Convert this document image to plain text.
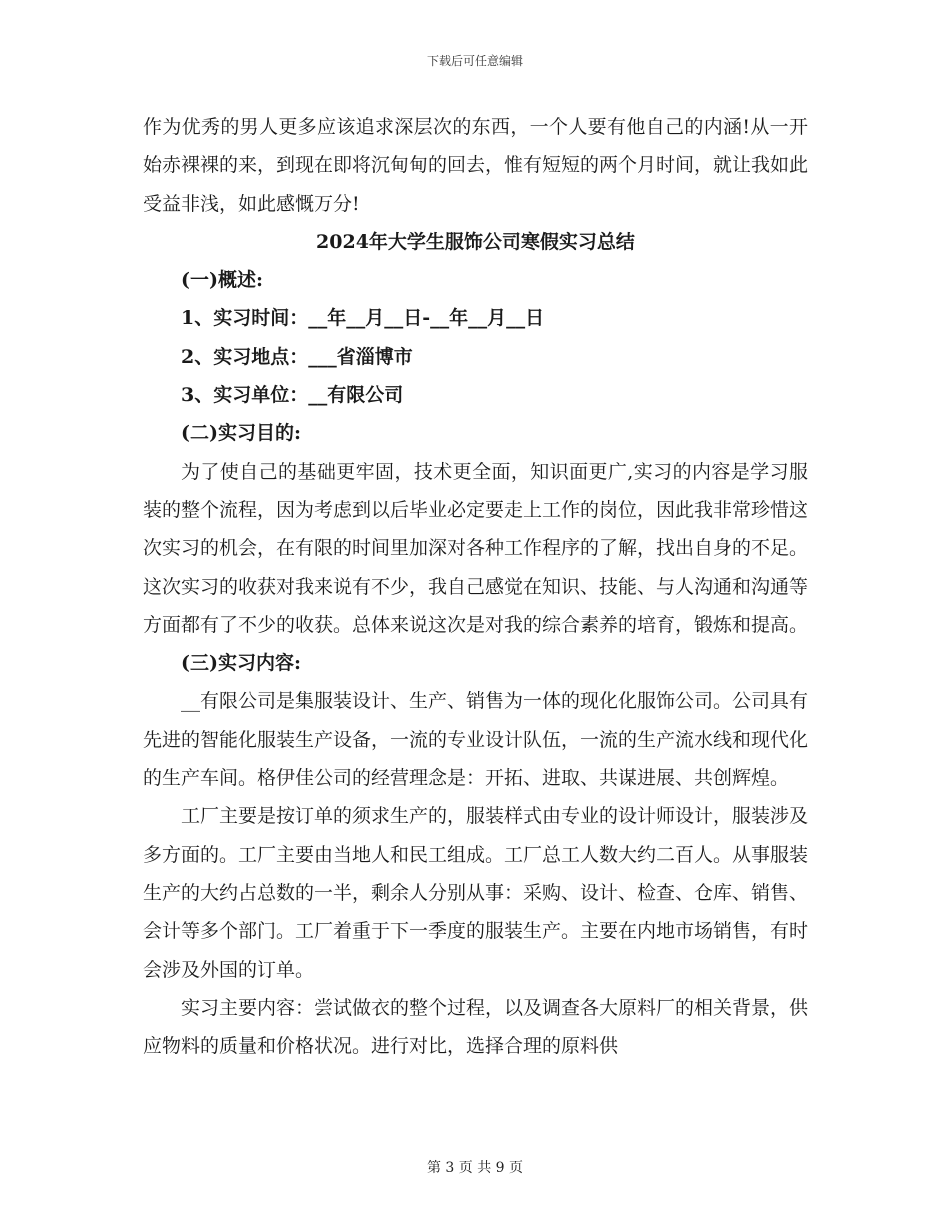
下载后可任意编辑

作为优秀的男人更多应该追求深层次的东西，一个人要有他自己的内涵!从一开始赤裸裸的来，到现在即将沉甸甸的回去，惟有短短的两个月时间，就让我如此受益非浅，如此感慨万分!

2024年大学生服饰公司寒假实习总结

(一)概述:

1、实习时间：__年__月__日-__年__月__日

2、实习地点：___省淄博市

3、实习单位：__有限公司

(二)实习目的:

为了使自己的基础更牢固，技术更全面，知识面更广,实习的内容是学习服装的整个流程，因为考虑到以后毕业必定要走上工作的岗位，因此我非常珍惜这次实习的机会，在有限的时间里加深对各种工作程序的了解，找出自身的不足。这次实习的收获对我来说有不少，我自己感觉在知识、技能、与人沟通和沟通等方面都有了不少的收获。总体来说这次是对我的综合素养的培育，锻炼和提高。

(三)实习内容:

__有限公司是集服装设计、生产、销售为一体的现化化服饰公司。公司具有先进的智能化服装生产设备，一流的专业设计队伍，一流的生产流水线和现代化的生产车间。格伊佳公司的经营理念是：开拓、进取、共谋进展、共创辉煌。

工厂主要是按订单的须求生产的，服装样式由专业的设计师设计，服装涉及多方面的。工厂主要由当地人和民工组成。工厂总工人数大约二百人。从事服装生产的大约占总数的一半，剩余人分别从事：采购、设计、检查、仓库、销售、会计等多个部门。工厂着重于下一季度的服装生产。主要在内地市场销售，有时会涉及外国的订单。

实习主要内容：尝试做衣的整个过程，以及调查各大原料厂的相关背景，供应物料的质量和价格状况。进行对比，选择合理的原料供

第 3 页 共 9 页
